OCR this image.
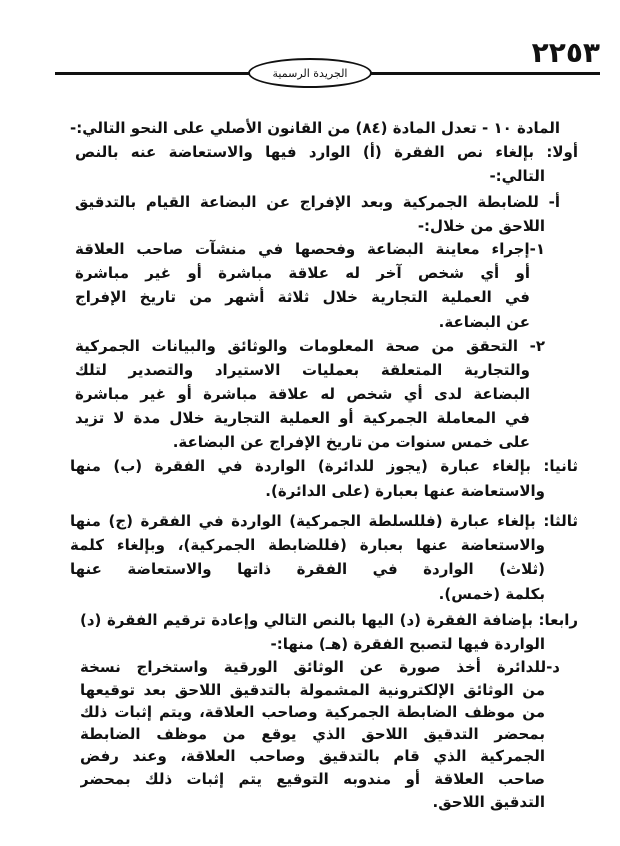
٢٢٥٣
الجريدة الرسمية
المادة ١٠ - تعدل المادة (٨٤) من القانون الأصلي على النحو التالي:-
أولا: بإلغاء نص الفقرة (أ) الوارد فيها والاستعاضة عنه بالنص
التالي:-
أ- للضابطة الجمركية وبعد الإفراج عن البضاعة القيام بالتدقيق
اللاحق من خلال:-
١-إجراء معاينة البضاعة وفحصها في منشآت صاحب العلاقة
أو أي شخص آخر له علاقة مباشرة أو غير مباشرة
في العملية التجارية خلال ثلاثة أشهر من تاريخ الإفراج
عن البضاعة.
٢- التحقق من صحة المعلومات والوثائق والبيانات الجمركية
والتجارية المتعلقة بعمليات الاستيراد والتصدير لتلك
البضاعة لدى أي شخص له علاقة مباشرة أو غير مباشرة
في المعاملة الجمركية أو العملية التجارية خلال مدة لا تزيد
على خمس سنوات من تاريخ الإفراج عن البضاعة.
ثانيا: بإلغاء عبارة (يجوز للدائرة) الواردة في الفقرة (ب) منها
والاستعاضة عنها بعبارة (على الدائرة).
ثالثا: بإلغاء عبارة (فللسلطة الجمركية) الواردة في الفقرة (ج) منها
والاستعاضة عنها بعبارة (فللضابطة الجمركية)، وبإلغاء كلمة
(ثلاث) الواردة في الفقرة ذاتها والاستعاضة عنها
بكلمة (خمس).
رابعا: بإضافة الفقرة (د) اليها بالنص التالي وإعادة ترقيم الفقرة (د)
الواردة فيها لتصبح الفقرة (هـ) منها:-
د-للدائرة أخذ صورة عن الوثائق الورقية واستخراج نسخة
من الوثائق الإلكترونية المشمولة بالتدقيق اللاحق بعد توقيعها
من موظف الضابطة الجمركية وصاحب العلاقة، ويتم إثبات ذلك
بمحضر التدقيق اللاحق الذي يوقع من موظف الضابطة
الجمركية الذي قام بالتدقيق وصاحب العلاقة، وعند رفض
صاحب العلاقة أو مندوبه التوقيع يتم إثبات ذلك بمحضر
التدقيق اللاحق.
